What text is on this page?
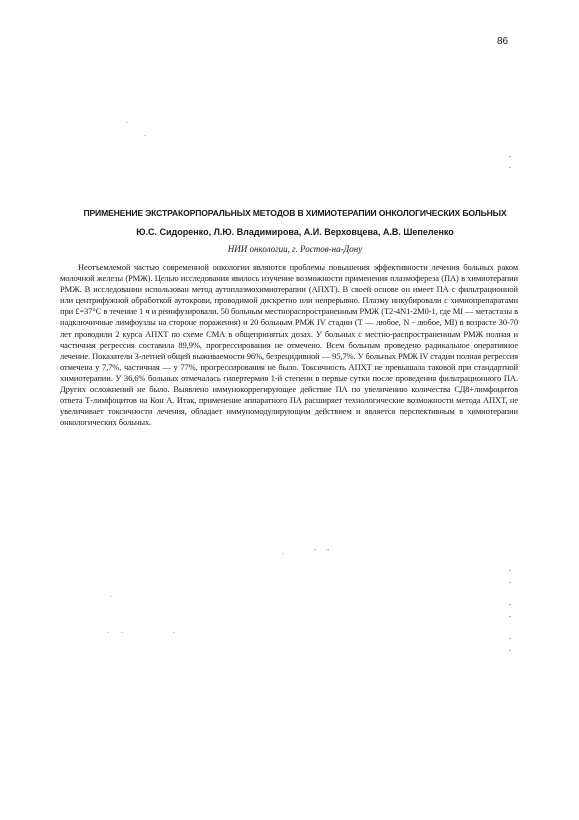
86
.
.
-
-
ПРИМЕНЕНИЕ ЭКСТРАКОРПОРАЛЬНЫХ МЕТОДОВ В ХИМИОТЕРАПИИ ОНКОЛОГИЧЕСКИХ БОЛЬНЫХ
Ю.С. Сидоренко, Л.Ю. Владимирова, А.И. Верховцева, А.В. Шепеленко
НИИ онкологии, г. Ростов-на-Дону

Неотъемлемой частью современной онкологии являются проблемы повышения эффективности лечения больных раком молочной железы (РМЖ). Целью исследования явилось изучение возможности применения плазмофереза (ПА) в химиотерапии РМЖ. В исследовании использован метод аутоплазмохимиотерапии (АПХТ). В своей основе он имеет ПА с фильтрационной или центрифужной обработкой аутокрови, проводимой дискретно или непрерывно. Плазму инкубировали с химиопрепаратами при £=37°С в течение 1 ч и реинфузировали. 50 больным местнораспространенным РМЖ (Т2-4N1-2М0-1, где МI — метастазы в надключичные лимфоузлы на стороне поражения) и 20 больным РМЖ IV стадии (Т — любое, N - любое, МI) в возрасте 30-70 лет проводили 2 курса АПХТ по схеме СМА в общепринятых дозах. У больных с местно-распространенным РМЖ полная и частичная регрессия составила 89,9%, прогрессирования не отмечено. Всем больным проведено радикальное оперативное лечение. Показатели 3-летней общей выживаемости 96%, безрецидивной — 95,7%. У больных РМЖ IV стадии полная регрессия отмечена у 7,7%, частичная — у 77%, прогрессирования не было. Токсичность АПХТ не превышала таковой при стандартной химиотерапии. У 36,6% больных отмечалась гипертермия 1-й степени в первые сутки после проведения фильтрационного ПА. Других осложнений не было. Выявлено иммунокоррегирующее действие ПА по увеличению количества СД8+лимфоцитов ответа Т-лимфоцитов на Кон А. Итак, применение аппаратного ПА расширяет технологические возможности метода АПХТ, не увеличивает токсичности лечения, обладает иммуномодулирующим действием и является перспективным в химиотерапии онкологических больных.

.	- -
-
-
.
-
-
. .	.
-
-
